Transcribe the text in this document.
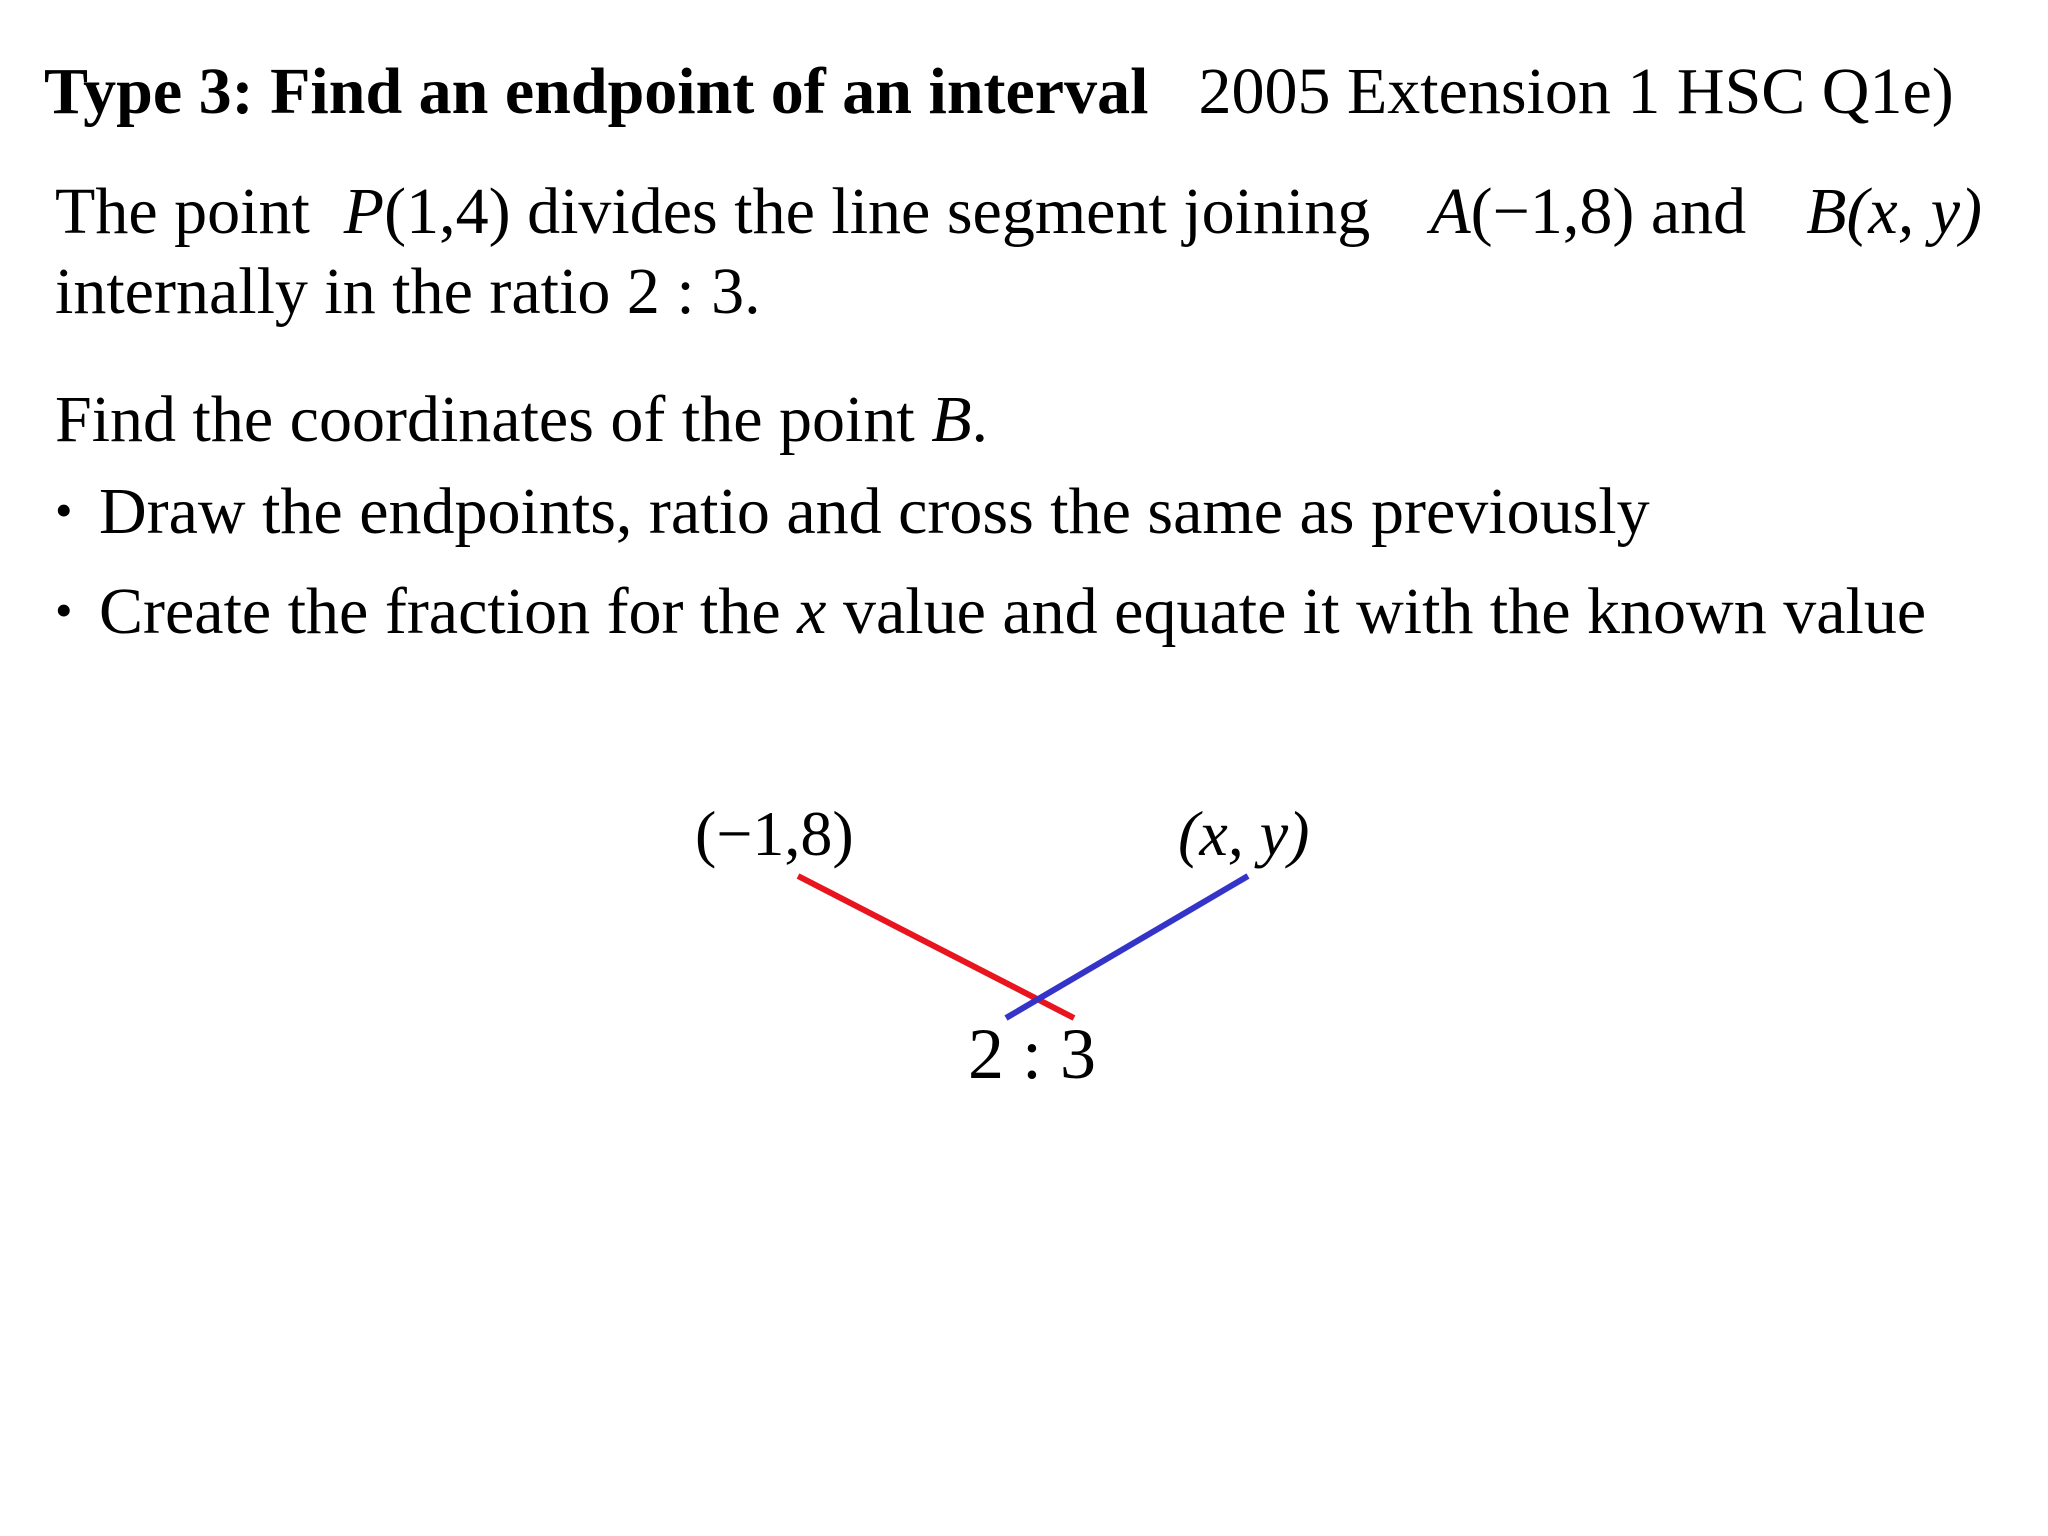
Type 3: Find an endpoint of an interval 2005 Extension 1 HSC Q1e)
The point P(1,4) divides the line segment joining A(−1,8) and B(x, y)
internally in the ratio 2 : 3.
Find the coordinates of the point B.
• Draw the endpoints, ratio and cross the same as previously
• Create the fraction for the x value and equate it with the known value
(−1,8)	(x, y)
2 : 3
